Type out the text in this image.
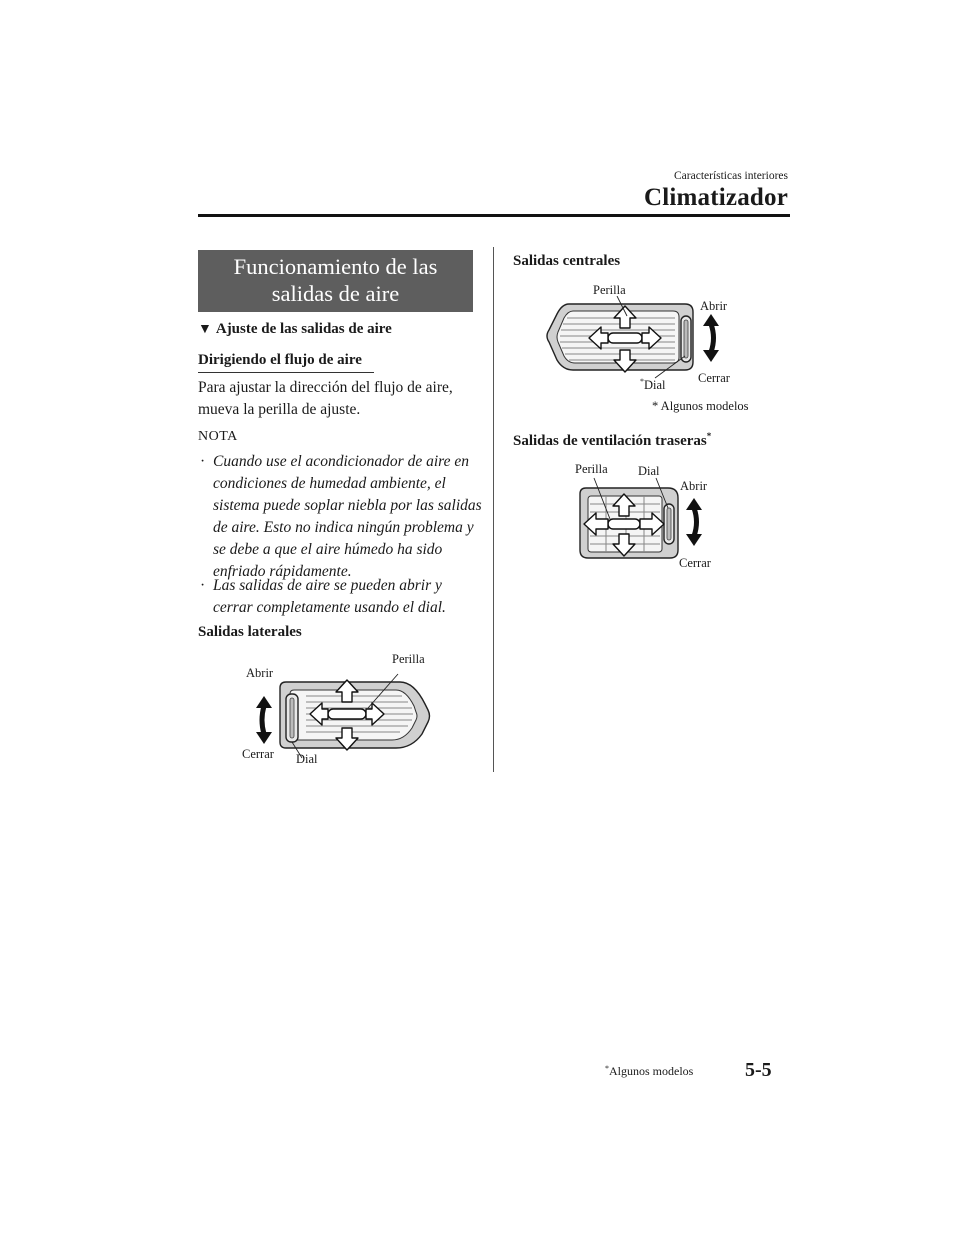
Características interiores
Climatizador
Funcionamiento de las
salidas de aire
▼ Ajuste de las salidas de aire
Dirigiendo el flujo de aire
Para ajustar la dirección del flujo de aire, mueva la perilla de ajuste.
NOTA
· Cuando use el acondicionador de aire en condiciones de humedad ambiente, el sistema puede soplar niebla por las salidas de aire. Esto no indica ningún problema y se debe a que el aire húmedo ha sido enfriado rápidamente.
· Las salidas de aire se pueden abrir y cerrar completamente usando el dial.
Salidas laterales
Abrir
Perilla
Cerrar Dial
Salidas centrales
Perilla
Abrir
Cerrar
*Dial
* Algunos modelos
Salidas de ventilación traseras*
Perilla Dial
Abrir
Cerrar
*Algunos modelos	5-5
